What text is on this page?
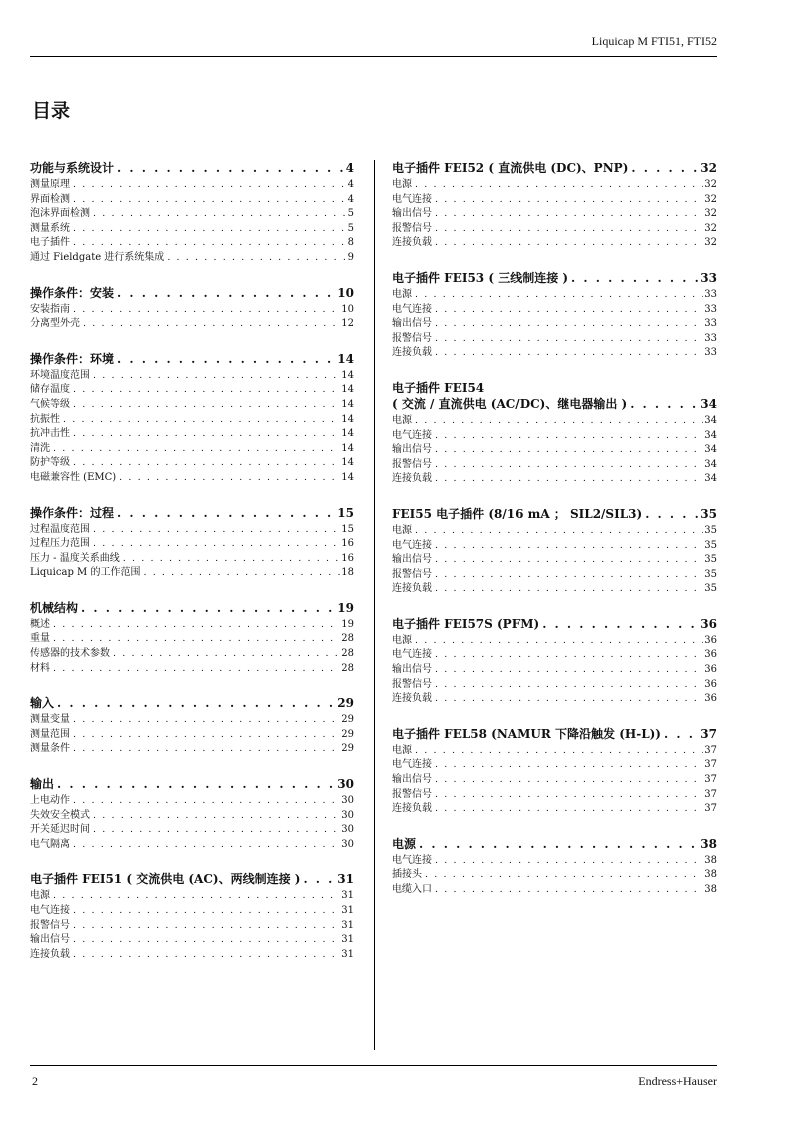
Liquicap M FTI51, FTI52
目录
功能与系统设计 . . .	4
测量原理 . . .	4
界面检测 . . .	4
泡沫界面检测 . . .	5
测量系统 . . .	5
电子插件 . . .	8
通过 Fieldgate 进行系统集成 . . .	9
操作条件：安装 . . .	10
安装指南 . . .	10
分离型外壳 . . .	12
操作条件：环境 . . .	14
环境温度范围 . . .	14
储存温度 . . .	14
气候等级 . . .	14
抗振性 . . .	14
抗冲击性 . . .	14
清洗 . . .	14
防护等级 . . .	14
电磁兼容性 (EMC) . . .	14
操作条件：过程 . . .	15
过程温度范围 . . .	15
过程压力范围 . . .	16
压力 - 温度关系曲线 . . .	16
Liquicap M 的工作范围 . . .	18
机械结构 . . .	19
概述 . . .	19
重量 . . .	28
传感器的技术参数 . . .	28
材料 . . .	28
输入 . . .	29
测量变量 . . .	29
测量范围 . . .	29
测量条件 . . .	29
输出 . . .	30
上电动作 . . .	30
失效安全模式 . . .	30
开关延迟时间 . . .	30
电气隔离 . . .	30
电子插件 FEI51 ( 交流供电 (AC)、两线制连接 ) . . .	31
电源 . . .	31
电气连接 . . .	31
报警信号 . . .	31
输出信号 . . .	31
连接负载 . . .	31
电子插件 FEI52 ( 直流供电 (DC)、PNP) . . .	32
电源 . . .	32
电气连接 . . .	32
输出信号 . . .	32
报警信号 . . .	32
连接负载 . . .	32
电子插件 FEI53 ( 三线制连接 ) . . .	33
电源 . . .	33
电气连接 . . .	33
输出信号 . . .	33
报警信号 . . .	33
连接负载 . . .	33
电子插件 FEI54
( 交流 / 直流供电 (AC/DC)、继电器输出 ) . . .	34
电源 . . .	34
电气连接 . . .	34
输出信号 . . .	34
报警信号 . . .	34
连接负载 . . .	34
FEI55 电子插件 (8/16 mA ； SIL2/SIL3) . . .	35
电源 . . .	35
电气连接 . . .	35
输出信号 . . .	35
报警信号 . . .	35
连接负载 . . .	35
电子插件 FEI57S (PFM) . . .	36
电源 . . .	36
电气连接 . . .	36
输出信号 . . .	36
报警信号 . . .	36
连接负载 . . .	36
电子插件 FEL58 (NAMUR 下降沿触发 (H-L)) . . .	37
电源 . . .	37
电气连接 . . .	37
输出信号 . . .	37
报警信号 . . .	37
连接负载 . . .	37
电源 . . .	38
电气连接 . . .	38
插接头 . . .	38
电缆入口 . . .	38
2	Endress+Hauser
